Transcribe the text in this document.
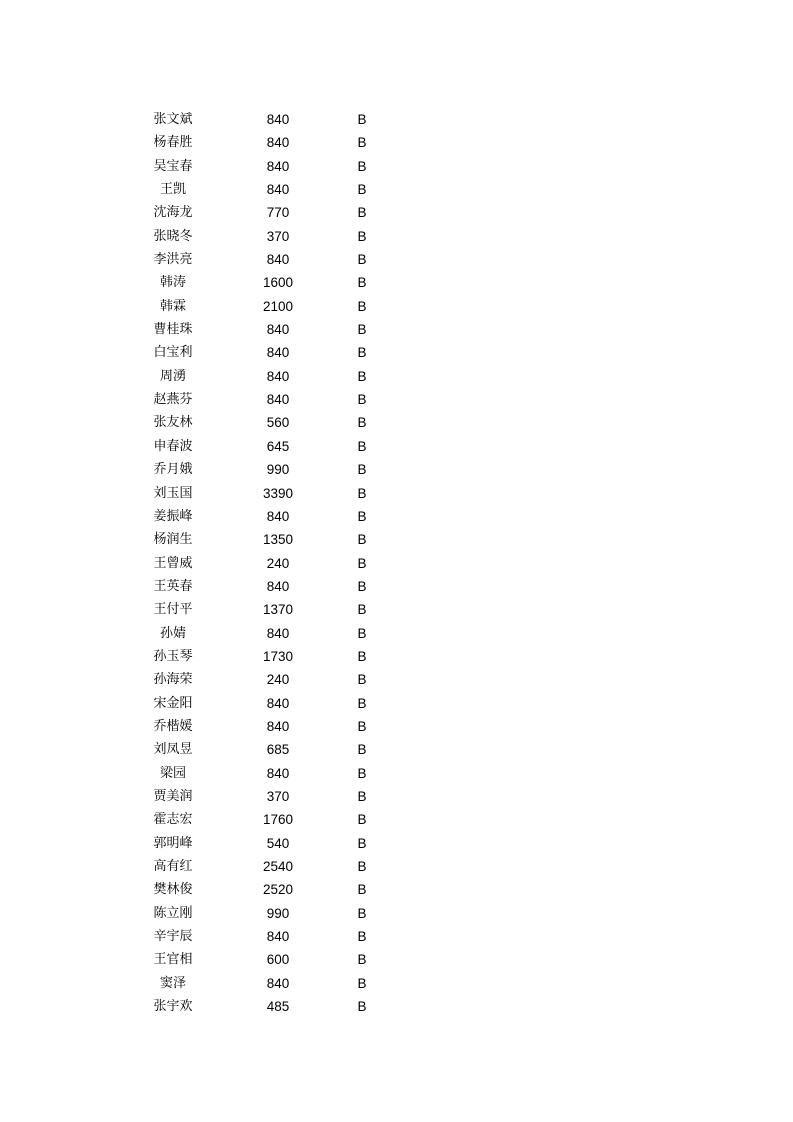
张文斌	840	B
杨春胜	840	B
吴宝春	840	B
王凯	840	B
沈海龙	770	B
张晓冬	370	B
李洪亮	840	B
韩涛	1600	B
韩霖	2100	B
曹桂珠	840	B
白宝利	840	B
周湧	840	B
赵燕芬	840	B
张友林	560	B
申春波	645	B
乔月娥	990	B
刘玉国	3390	B
姜振峰	840	B
杨润生	1350	B
王曾威	240	B
王英春	840	B
王付平	1370	B
孙婧	840	B
孙玉琴	1730	B
孙海荣	240	B
宋金阳	840	B
乔楷媛	840	B
刘凤昱	685	B
梁园	840	B
贾美润	370	B
霍志宏	1760	B
郭明峰	540	B
高有红	2540	B
樊林俊	2520	B
陈立刚	990	B
辛宇辰	840	B
王官相	600	B
窦泽	840	B
张宇欢	485	B
